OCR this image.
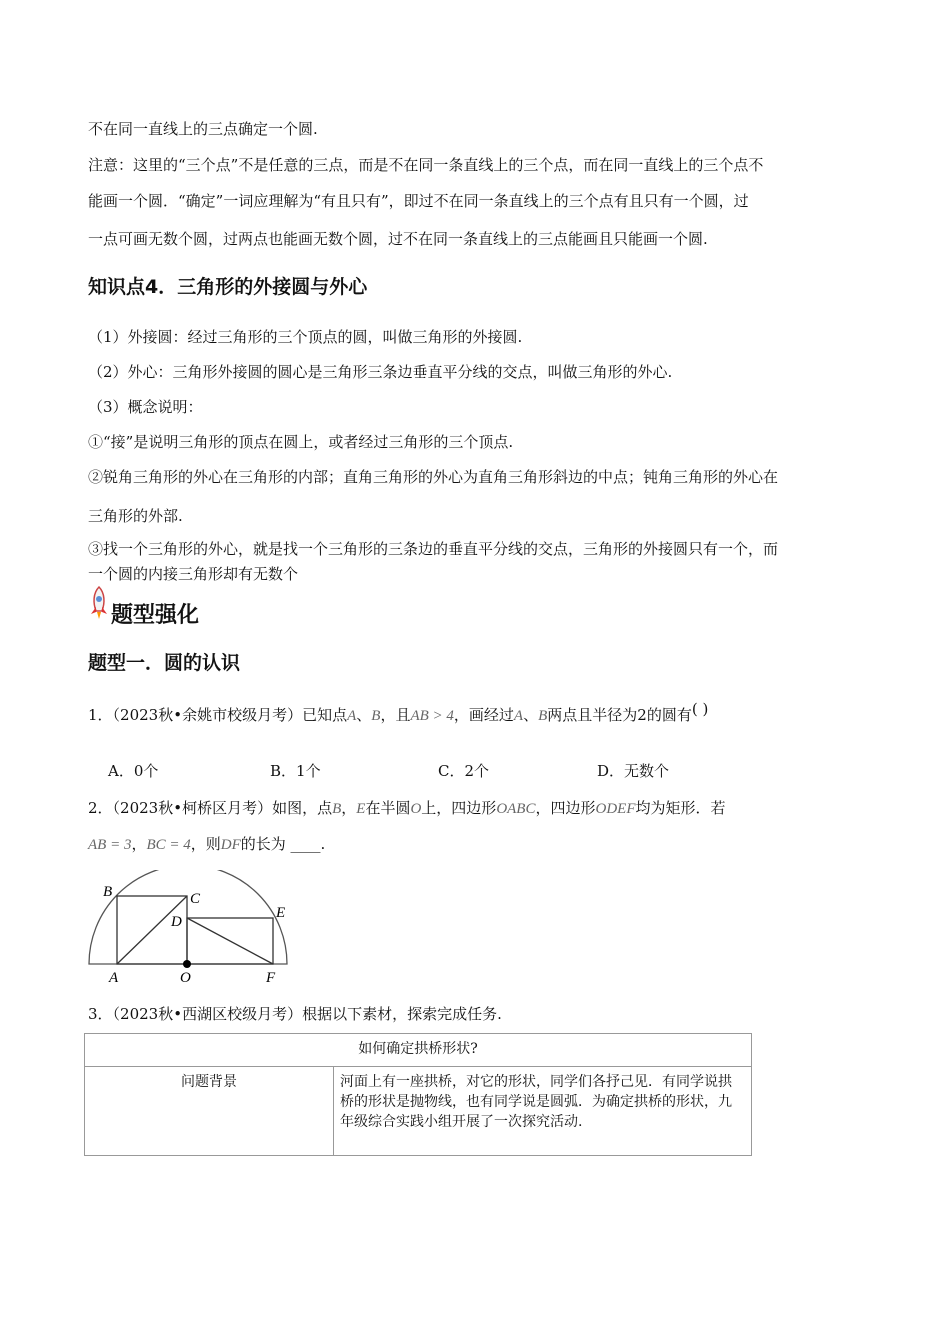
不在同一直线上的三点确定一个圆.
注意：这里的“三个点”不是任意的三点，而是不在同一条直线上的三个点，而在同一直线上的三个点不
能画一个圆．“确定”一词应理解为“有且只有”，即过不在同一条直线上的三个点有且只有一个圆，过
一点可画无数个圆，过两点也能画无数个圆，过不在同一条直线上的三点能画且只能画一个圆.
知识点4．三角形的外接圆与外心
（1）外接圆：经过三角形的三个顶点的圆，叫做三角形的外接圆.
（2）外心：三角形外接圆的圆心是三角形三条边垂直平分线的交点，叫做三角形的外心.
（3）概念说明：
①“接”是说明三角形的顶点在圆上，或者经过三角形的三个顶点.
②锐角三角形的外心在三角形的内部；直角三角形的外心为直角三角形斜边的中点；钝角三角形的外心在
三角形的外部.
③找一个三角形的外心，就是找一个三角形的三条边的垂直平分线的交点，三角形的外接圆只有一个，而
一个圆的内接三角形却有无数个
题型强化
题型一．圆的认识
1．（2023秋•余姚市校级月考）已知点A、B，且AB > 4，画经过A、B两点且半径为2的圆有( )
A．0个	B．1个	C．2个	D．无数个
2．（2023秋•柯桥区月考）如图，点B，E在半圆O上，四边形OABC，四边形ODEF均为矩形．若
AB = 3，BC = 4，则DF的长为 ____.
B	C
D
E
A	O	F
3．（2023秋•西湖区校级月考）根据以下素材，探索完成任务.
如何确定拱桥形状?
问题背景	河面上有一座拱桥，对它的形状，同学们各抒己见．有同学说拱桥的形状是抛物线，也有同学说是圆弧．为确定拱桥的形状，九年级综合实践小组开展了一次探究活动.
